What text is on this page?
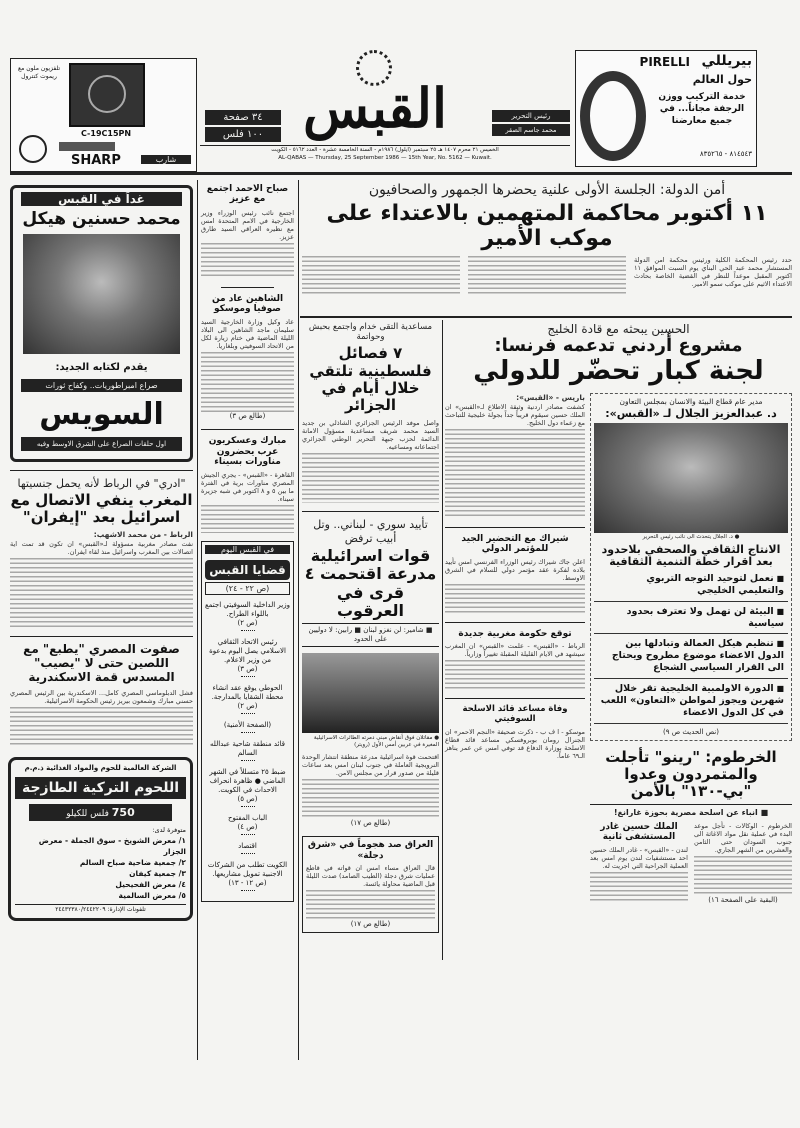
تلفزيون ملون مع ريموت كنترول
C-19C15PN
شارب
SHARP
٣٤ صفحة
١٠٠ فلس القبس	رئيس التحرير
محمد جاسم الصقر
الخميس ٢١ محرم ١٤٠٧ هـ ٢٥ سبتمبر (ايلول) ١٩٨٦م - السنة الخامسة عشرة - العدد ٥١٦٢ - الكويت
AL-QABAS — Thursday, 25 September 1986 — 15th Year, No. 5162 — Kuwait.
بيريللي
PIRELLI
حول العالم
خدمة التركيب ووزن الرجفة مجاناً... في جميع معارضنا
٨١٤٥٤٣ - ٨٣٥٢٦٥
غداً في القبس
محمد حسنين هيكل
يقدم لكتابه الجديد:
صراع امبراطوريات.. وكفاح ثورات
السويس
اول حلقات الصراع على الشرق الاوسط وفيه
"ادري" في الرباط لأنه يحمل جنسيتها
المغرب ينفي الاتصال مع اسرائيل بعد "إيفران"
الرباط - من محمد الاشهب:
نفت مصادر مغربية مسؤولة لـ«القبس» ان تكون قد تمت اية اتصالات بين المغرب واسرائيل منذ لقاء ايفران.
صفوت المصري "يطبع" مع اللصين حتى لا "يصيب" المسدس قمة الاسكندرية
فشل الدبلوماسي المصري كامل... الاسكندرية بين الرئيس المصري حسني مبارك وشمعون بيريز رئيس الحكومة الاسرائيلية.
الشركة العالمية للحوم والمواد الغذائية ذ.م.م
اللحوم التركية الطازجة
750 فلس للكيلو
متوفرة لدى:
١/ معرض الشويخ - سوق الجملة - معرض الجزار
٢/ جمعية ضاحية صباح السالم
٣/ جمعية كيفان
٤/ معرض الفحيحيل
٥/ معرض السالمية
تلفونات الإدارة: ٢٤٤٣٢٣٨٠/٢٤٤٢٢٠٩
صباح الاحمد اجتمع مع عزيز
اجتمع نائب رئيس الوزراء وزير الخارجية في الامم المتحدة امس مع نظيره العراقي السيد طارق عزيز.
الشاهين عاد من صوفيا وموسكو
عاد وكيل وزارة الخارجية السيد سليمان ماجد الشاهين الى البلاد الليلة الماضية في ختام زيارة لكل من الاتحاد السوفيتي وبلغاريا.
(طالع ص ٣)
مبارك وعسكريون عرب يحضرون مناورات بسيناء
القاهرة - «القبس» - يجري الجيش المصري مناورات برية في الفترة ما بين ٥ و ٨ اكتوبر في شبه جزيرة سيناء.
في القبس اليوم
قضايا القبس
(ص ٢٢ - ٢٤)
وزير الداخلية السوفيتي اجتمع باللواء الطراح.
(ص ٢)
رئيس الاتحاد الثقافي الاسلامي يصل اليوم بدعوة من وزير الاعلام.
(ص ٣)
الحوطي يوقع عقد انشاء محطة الشقايا بالمدارجة.
(ص ٢)
(الصفحة الأمنية)
قائد منطقة شاحية عبدالله السالم
ضبط ٢٥ متسللاً في الشهر الماضي ● ظاهرة انحراف الاحداث في الكويت.
(ص ٥)
الباب المفتوح
(ص ٤)
اقتصاد
الكويت تطلب من الشركات الاجنبية تمويل مشاريعها.
(ص ١٢ - ١٣)
أمن الدولة: الجلسة الأولى علنية يحضرها الجمهور والصحافيون
١١ أكتوبر محاكمة المتهمين بالاعتداء على موكب الأمير
حدد رئيس المحكمة الكلية ورئيس محكمة امن الدولة المستشار محمد عبد الحي البناي يوم السبت الموافق ١١ اكتوبر المقبل موعداً للنظر في القضية الخاصة بحادث الاعتداء الاثيم على موكب سمو الامير.
مساعدية التقى خدام واجتمع بحبش وحواتمة
٧ فصائل فلسطينية تلتقي خلال أيام في الجزائر
واصل موفد الرئيس الجزائري الشاذلي بن جديد السيد محمد شريف مساعدية مسؤول الامانة الدائمة لحزب جبهة التحرير الوطني الجزائري اجتماعاته ومساعيه.
تأييد سوري - لبناني.. وتل أبيب ترفض
قوات اسرائيلية مدرعة اقتحمت ٤ قرى في العرقوب
■ شامير: لن نغزو لبنان ■ رابين: لا دوليين على الحدود
● مقاتلان فوق أنقاض مبنى دمرته الطائرات الاسرائيلية المغيرة في عربين أمس الأول (رويتر)
اقتحمت قوة اسرائيلية مدرعة منطقة انتشار الوحدة النرويجية العاملة في جنوب لبنان امس بعد ساعات قليلة من صدور قرار من مجلس الامن.
(طالع ص ١٧)
العراق صد هجوماً في «شرق دجلة»
قال العراق مساء امس ان قواته في قاطع عمليات شرق دجلة (الطيب الصامد) صدت الليلة قبل الماضية محاولة يائسة.
(طالع ص ١٧)
الحسين يبحثه مع قادة الخليج
مشروع أردني تدعمه فرنسا:
لجنة كبار تحضّر للدولي
مدير عام قطاع البيئة والانسان بمجلس التعاون
د. عبدالعزيز الجلال لـ «القبس»:
● د. الجلال يتحدث الى نائب رئيس التحرير
الانتاج الثقافي والصحفي بلاحدود بعد اقرار خطة التنمية الثقافية
■ نعمل لتوحيد التوجه التربوي والتعليمي الخليجي
■ البيئة لن تهمل ولا تعترف بحدود سياسية
■ تنظيم هيكل العمالة وتبادلها بين الدول الاعضاء موضوع مطروح ويحتاج الى القرار السياسي الشجاع
■ الدورة الاولمبية الخليجية تقر خلال شهرين ويجوز لمواطن «التعاون» اللعب في كل الدول الاعضاء
(نص الحديث ص ٩)
الخرطوم: "رينو" تأجلت والمتمردون وعدوا "بي-١٣٠" بالأمن
■ انباء عن اسلحة مصرية بحوزة غارانغ!
الخرطوم - الوكالات - تأجل موعد البدء في عملية نقل مواد الاغاثة الى جنوب السودان حتى الثامن والعشرين من الشهر الجاري.
(البقية على الصفحة ١٦)
الملك حسين غادر المستشفى ثانية
لندن - «القبس» - غادر الملك حسين احد مستشفيات لندن يوم امس بعد العملية الجراحية التي اجريت له.
باريس - «القبس»:
كشفت مصادر اردنية وثيقة الاطلاع لـ«القبس» ان الملك حسين سيقوم قريباً جداً بجولة خليجية للتباحث مع زعماء دول الخليج.
شيراك مع التحضير الجيد للمؤتمر الدولي
اعلن جاك شيراك رئيس الوزراء الفرنسي امس تأييد بلاده لفكرة عقد مؤتمر دولي للسلام في الشرق الاوسط.
توقع حكومة مغربية جديدة
الرباط - «القبس» - علمت «القبس» ان المغرب سيشهد في الايام القليلة المقبلة تغييراً وزارياً.
وفاة مساعد قائد الاسلحة السوفيتي
موسكو - ا ف ب - ذكرت صحيفة «النجم الاحمر» ان الجنرال رومان بوبروفسكي مساعد قائد قطاع الاسلحة بوزارة الدفاع قد توفي امس عن عمر يناهز الـ٦٩ عاماً.
